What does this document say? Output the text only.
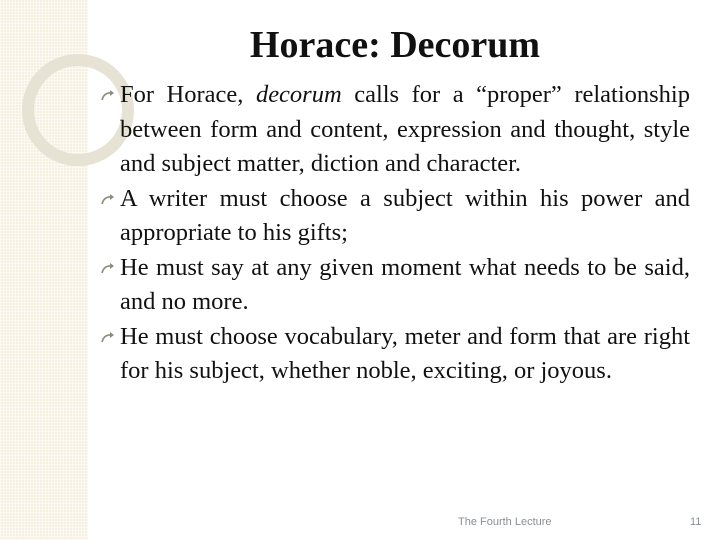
Horace: Decorum
For Horace, decorum calls for a “proper” relationship between form and content, expression and thought, style and subject matter, diction and character.
A writer must choose a subject within his power and appropriate to his gifts;
He must say at any given moment what needs to be said, and no more.
He must choose vocabulary, meter and form that are right for his subject, whether noble, exciting, or joyous.
The Fourth Lecture	11
